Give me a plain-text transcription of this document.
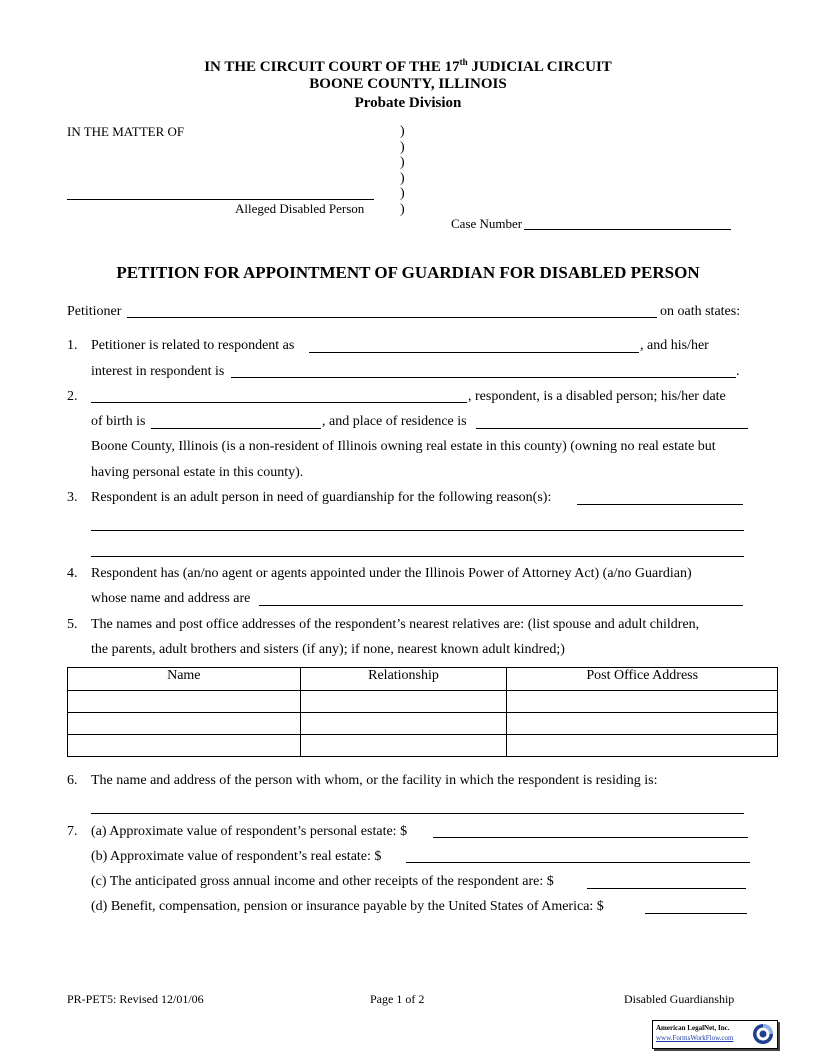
IN THE CIRCUIT COURT OF THE 17th JUDICIAL CIRCUIT
BOONE COUNTY, ILLINOIS
Probate Division
IN THE MATTER OF
Alleged Disabled Person
)
)
)
)
)
)
Case Number
PETITION FOR APPOINTMENT OF GUARDIAN FOR DISABLED PERSON
Petitioner	on oath states:
1. Petitioner is related to respondent as	, and his/her
interest in respondent is	.
2.	, respondent, is a disabled person; his/her date
of birth is	, and place of residence is
Boone County, Illinois (is a non-resident of Illinois owning real estate in this county) (owning no real estate but
having personal estate in this county).
3. Respondent is an adult person in need of guardianship for the following reason(s):
4. Respondent has (an/no agent or agents appointed under the Illinois Power of Attorney Act) (a/no Guardian)
whose name and address are
5. The names and post office addresses of the respondent’s nearest relatives are: (list spouse and adult children,
the parents, adult brothers and sisters (if any); if none, nearest known adult kindred;)
Name	Relationship	Post Office Address

6. The name and address of the person with whom, or the facility in which the respondent is residing is:
7. (a) Approximate value of respondent’s personal estate: $
(b) Approximate value of respondent’s real estate: $
(c) The anticipated gross annual income and other receipts of the respondent are: $
(d) Benefit, compensation, pension or insurance payable by the United States of America: $
PR-PET5: Revised 12/01/06	Page 1 of 2	Disabled Guardianship
American LegalNet, Inc.
www.FormsWorkFlow.com
